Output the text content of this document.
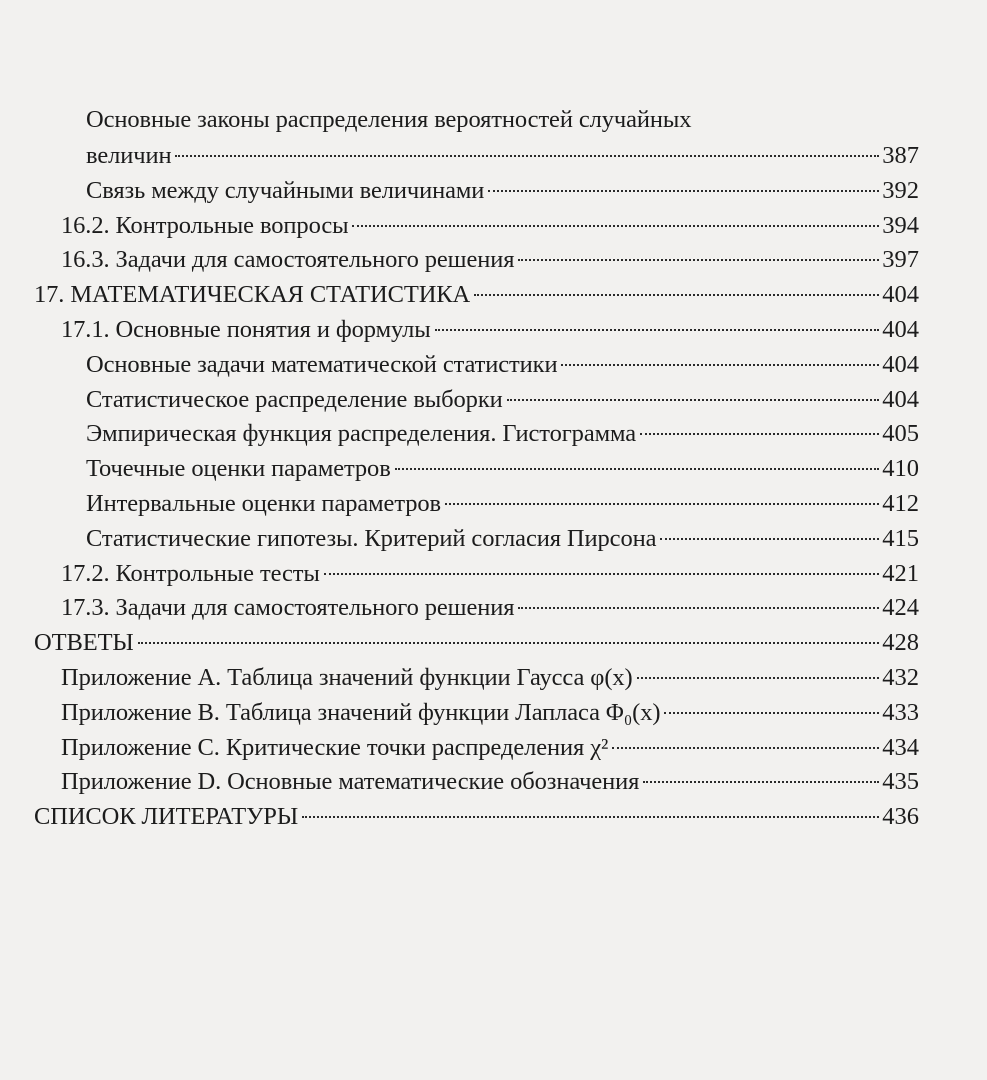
Основные законы распределения вероятностей случайных
величин	387
Связь между случайными величинами	392
16.2. Контрольные вопросы	394
16.3. Задачи для самостоятельного решения	397
17. МАТЕМАТИЧЕСКАЯ СТАТИСТИКА	404
17.1. Основные понятия и формулы	404
Основные задачи математической статистики	404
Статистическое распределение выборки	404
Эмпирическая функция распределения. Гистограмма	405
Точечные оценки параметров	410
Интервальные оценки параметров	412
Статистические гипотезы. Критерий согласия Пирсона	415
17.2. Контрольные тесты	421
17.3. Задачи для самостоятельного решения	424
ОТВЕТЫ	428
Приложение А. Таблица значений функции Гаусса φ(x)	432
Приложение В. Таблица значений функции Лапласа Φ₀(x)	433
Приложение С. Критические точки распределения χ²	434
Приложение D. Основные математические обозначения	435
СПИСОК ЛИТЕРАТУРЫ	436
